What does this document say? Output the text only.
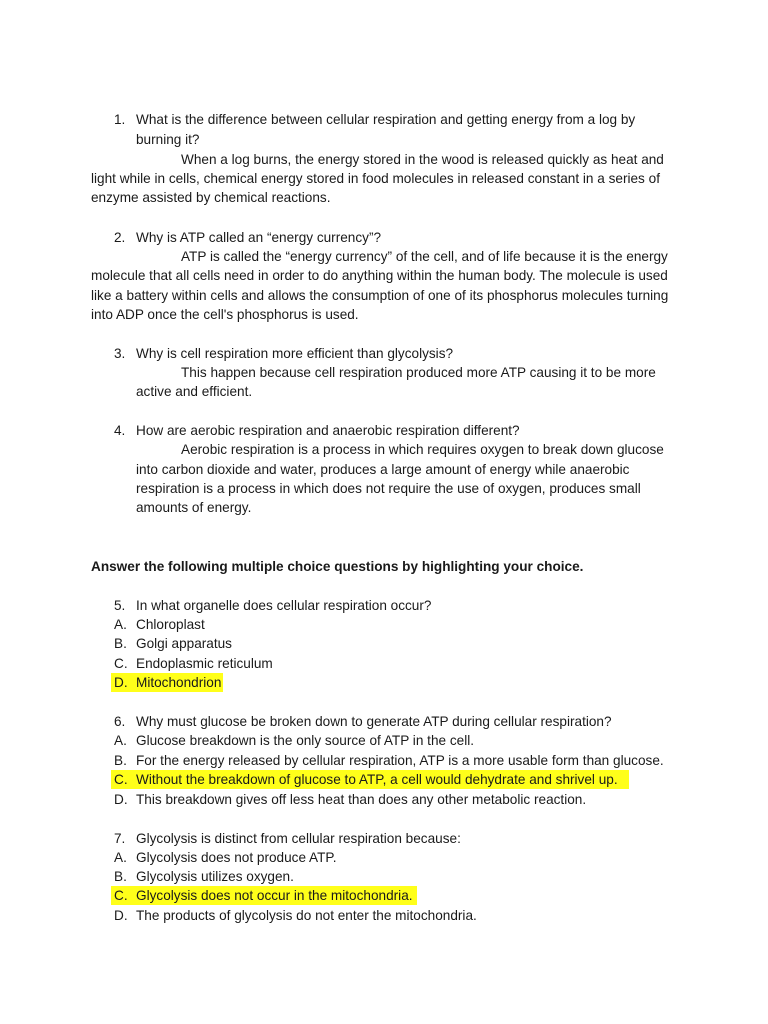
1. What is the difference between cellular respiration and getting energy from a log by
burning it?
When a log burns, the energy stored in the wood is released quickly as heat and
light while in cells, chemical energy stored in food molecules in released constant in a series of
enzyme assisted by chemical reactions.
2. Why is ATP called an “energy currency”?
ATP is called the “energy currency” of the cell, and of life because it is the energy
molecule that all cells need in order to do anything within the human body. The molecule is used
like a battery within cells and allows the consumption of one of its phosphorus molecules turning
into ADP once the cell's phosphorus is used.
3. Why is cell respiration more efficient than glycolysis?
This happen because cell respiration produced more ATP causing it to be more
active and efficient.
4. How are aerobic respiration and anaerobic respiration different?
Aerobic respiration is a process in which requires oxygen to break down glucose
into carbon dioxide and water, produces a large amount of energy while anaerobic
respiration is a process in which does not require the use of oxygen, produces small
amounts of energy.
Answer the following multiple choice questions by highlighting your choice.
5. In what organelle does cellular respiration occur?
A. Chloroplast
B. Golgi apparatus
C. Endoplasmic reticulum
D. Mitochondrion
6. Why must glucose be broken down to generate ATP during cellular respiration?
A. Glucose breakdown is the only source of ATP in the cell.
B. For the energy released by cellular respiration, ATP is a more usable form than glucose.
C. Without the breakdown of glucose to ATP, a cell would dehydrate and shrivel up.
D. This breakdown gives off less heat than does any other metabolic reaction.
7. Glycolysis is distinct from cellular respiration because:
A. Glycolysis does not produce ATP.
B. Glycolysis utilizes oxygen.
C. Glycolysis does not occur in the mitochondria.
D. The products of glycolysis do not enter the mitochondria.
